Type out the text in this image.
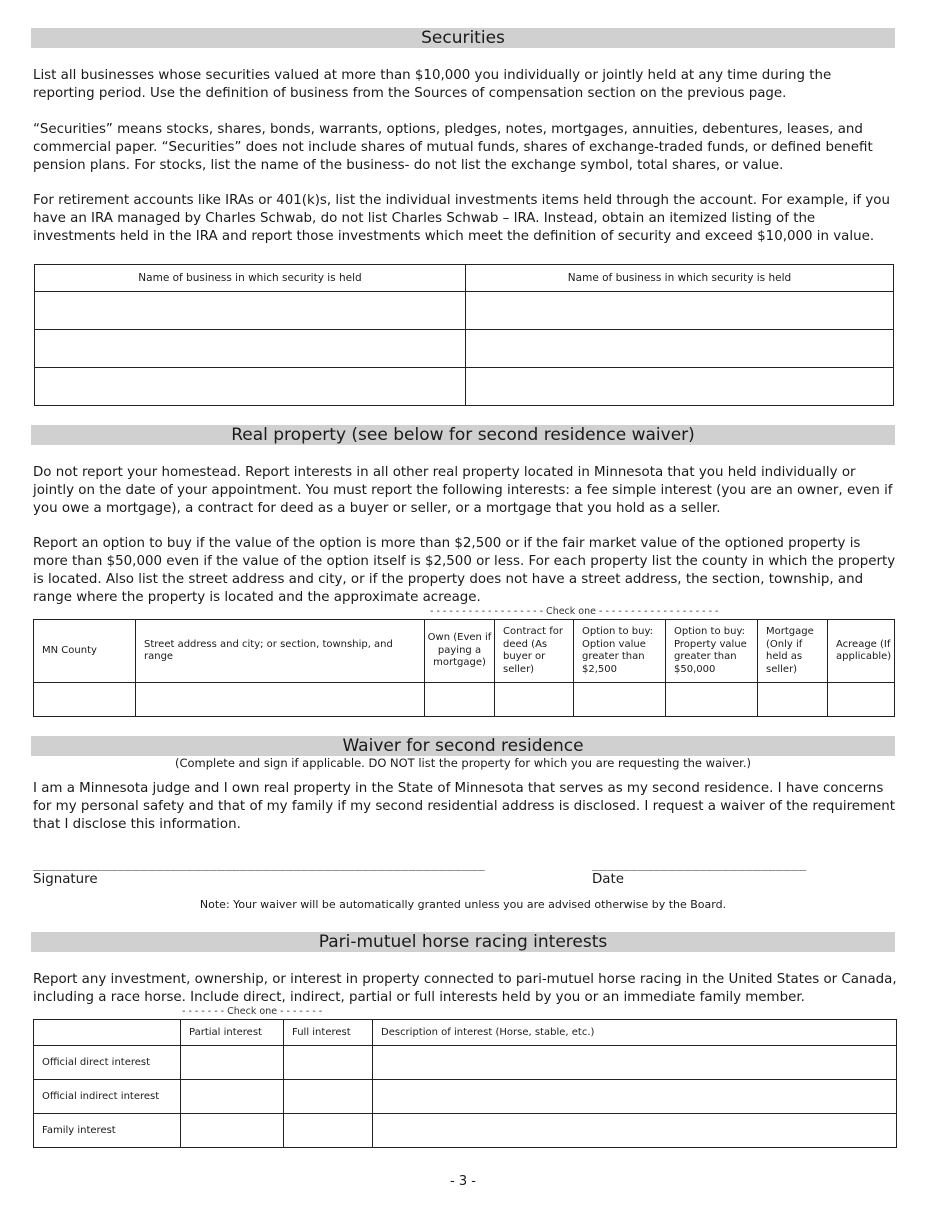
Securities

List all businesses whose securities valued at more than $10,000 you individually or jointly held at any time during the reporting period. Use the definition of business from the Sources of compensation section on the previous page.

“Securities” means stocks, shares, bonds, warrants, options, pledges, notes, mortgages, annuities, debentures, leases, and commercial paper. “Securities” does not include shares of mutual funds, shares of exchange-traded funds, or defined benefit pension plans. For stocks, list the name of the business- do not list the exchange symbol, total shares, or value.

For retirement accounts like IRAs or 401(k)s, list the individual investments items held through the account. For example, if you have an IRA managed by Charles Schwab, do not list Charles Schwab – IRA. Instead, obtain an itemized listing of the investments held in the IRA and report those investments which meet the definition of security and exceed $10,000 in value.

Name of business in which security is held	Name of business in which security is held

Real property (see below for second residence waiver)

Do not report your homestead. Report interests in all other real property located in Minnesota that you held individually or jointly on the date of your appointment. You must report the following interests: a fee simple interest (you are an owner, even if you owe a mortgage), a contract for deed as a buyer or seller, or a mortgage that you hold as a seller.

Report an option to buy if the value of the option is more than $2,500 or if the fair market value of the optioned property is more than $50,000 even if the value of the option itself is $2,500 or less. For each property list the county in which the property is located. Also list the street address and city, or if the property does not have a street address, the section, township, and range where the property is located and the approximate acreage.

- - - - - - - - - - - - - - - - - - Check one - - - - - - - - - - - - - - - - - - -
MN County	Street address and city; or section, township, and range	Own (Even if paying a mortgage)	Contract for deed (As buyer or seller)	Option to buy: Option value greater than $2,500	Option to buy: Property value greater than $50,000	Mortgage (Only if held as seller)	Acreage (If applicable)

Waiver for second residence
(Complete and sign if applicable. DO NOT list the property for which you are requesting the waiver.)

I am a Minnesota judge and I own real property in the State of Minnesota that serves as my second residence. I have concerns for my personal safety and that of my family if my second residential address is disclosed. I request a waiver of the requirement that I disclose this information.

___________________________________________________________	____________________________
Signature	Date
Note: Your waiver will be automatically granted unless you are advised otherwise by the Board.
Pari-mutuel horse racing interests

Report any investment, ownership, or interest in property connected to pari-mutuel horse racing in the United States or Canada, including a race horse. Include direct, indirect, partial or full interests held by you or an immediate family member.

- - - - - - - Check one - - - - - - -
	Partial interest	Full interest	Description of interest (Horse, stable, etc.)
Official direct interest			
Official indirect interest			
Family interest			
- 3 -
